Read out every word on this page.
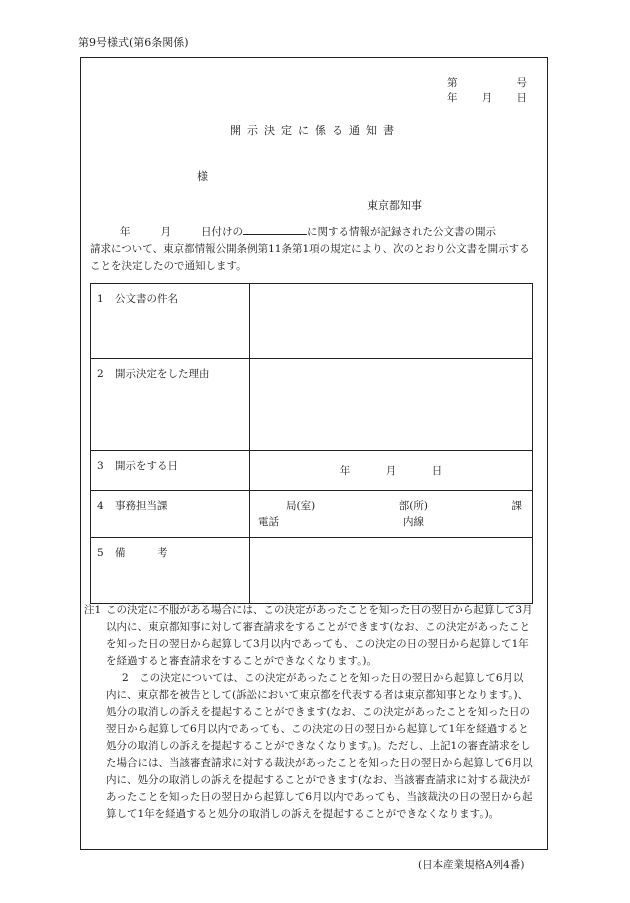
第9号様式(第6条関係)
第	号
年 月 日
開示決定に係る通知書
様
東京都知事
年	月	日付けの	に関する情報が記録された公文書の開示
請求について、東京都情報公開条例第11条第1項の規定により、次のとおり公文書を開示することを決定したので通知します。
1 公文書の件名	
2 開示決定をした理由	
3 開示をする日	年 月 日
4 事務担当課	局(室) 部(所) 課
電話 内線

5 備　　　考	
注1 この決定に不服がある場合には、この決定があったことを知った日の翌日から起算して3月以内に、東京都知事に対して審査請求をすることができます(なお、この決定があったことを知った日の翌日から起算して3月以内であっても、この決定の日の翌日から起算して1年を経過すると審査請求をすることができなくなります。)。
2　 この決定については、この決定があったことを知った日の翌日から起算して6月以内に、東京都を被告として(訴訟において東京都を代表する者は東京都知事となります。)、処分の取消しの訴えを提起することができます(なお、この決定があったことを知った日の翌日から起算して6月以内であっても、この決定の日の翌日から起算して1年を経過すると処分の取消しの訴えを提起することができなくなります。)。ただし、上記1の審査請求をした場合には、当該審査請求に対する裁決があったことを知った日の翌日から起算して6月以内に、処分の取消しの訴えを提起することができます(なお、当該審査請求に対する裁決があったことを知った日の翌日から起算して6月以内であっても、当該裁決の日の翌日から起算して1年を経過すると処分の取消しの訴えを提起することができなくなります。)。
(日本産業規格A列4番)
